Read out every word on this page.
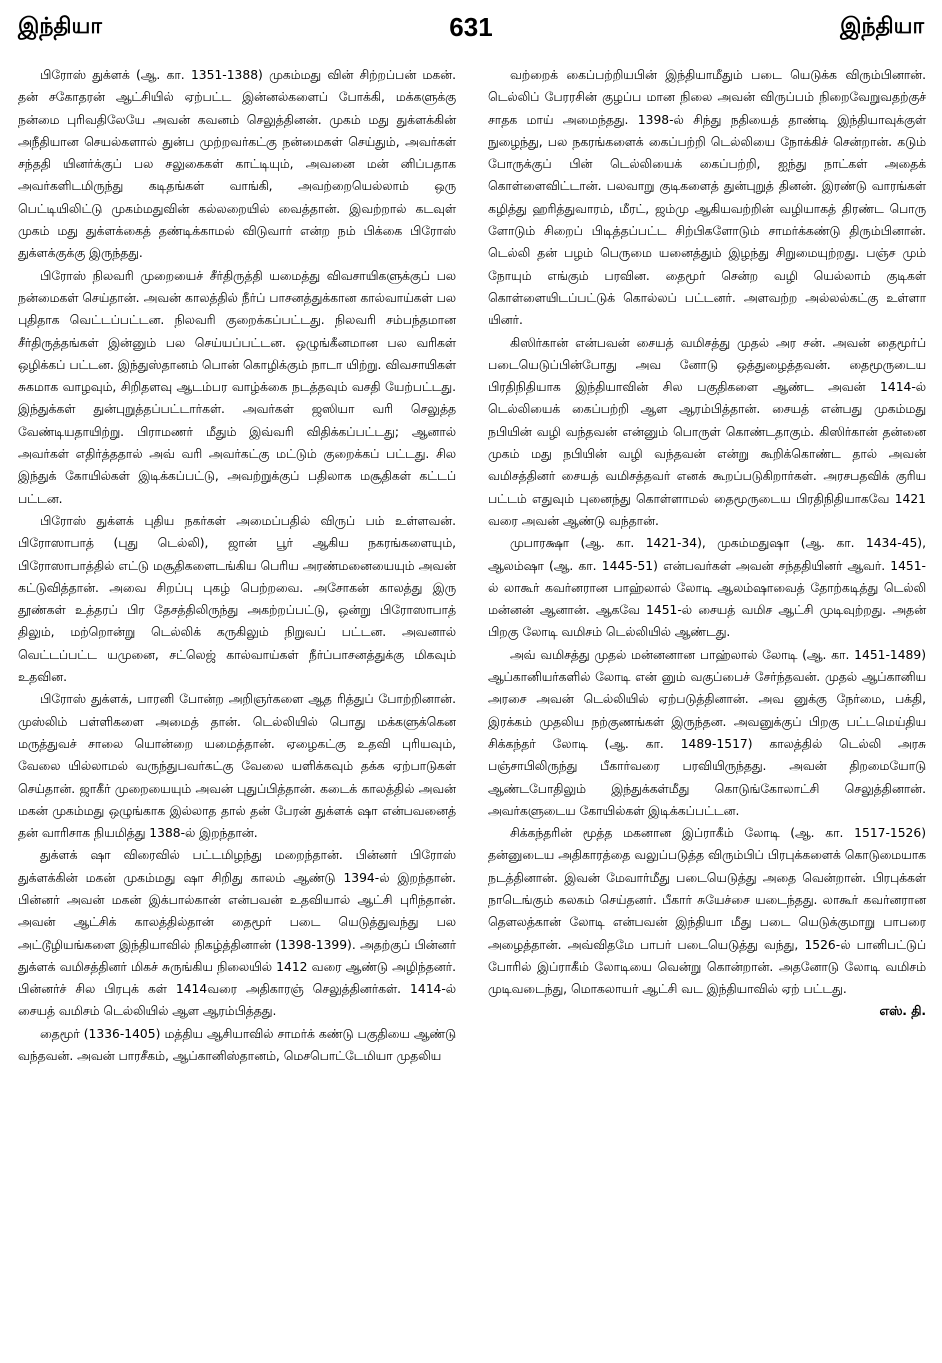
இந்தியா	631	இந்தியா

பிரோஸ் துக்ளக் (ஆ. கா. 1351-1388) முகம்மது வின் சிற்றப்பன் மகன். தன் சகோதரன் ஆட்சியில் ஏற்பட்ட இன்னல்களைப் போக்கி, மக்களுக்கு நன்மை புரிவதிலேயே அவன் கவனம் செலுத்தினன். முகம் மது துக்ளக்கின் அநீதியான செயல்களால் துன்ப முற்றவர்கட்கு நன்மைகள் செய்தும், அவர்கள் சந்ததி யினர்க்குப் பல சலுகைகள் காட்டியும், அவனை மன் னிப்பதாக அவர்களிடமிருந்து கடிதங்கள் வாங்கி, அவற்றையெல்லாம் ஒரு பெட்டியிலிட்டு முகம்மதுவின் கல்லறையில் வைத்தான். இவற்றால் கடவுள் முகம் மது துக்ளக்கைத் தண்டிக்காமல் விடுவார் என்ற நம் பிக்கை பிரோஸ் துக்ளக்குக்கு இருந்தது.

பிரோஸ் நிலவரி முறையைச் சீர்திருத்தி யமைத்து விவசாயிகளுக்குப் பல நன்மைகள் செய்தான். அவன் காலத்தில் நீர்ப் பாசனத்துக்கான கால்வாய்கள் பல புதிதாக வெட்டப்பட்டன. நிலவரி குறைக்கப்பட்டது. நிலவரி சம்பந்தமான சீர்திருத்தங்கள் இன்னும் பல செய்யப்பட்டன. ஒழுங்கீனமான பல வரிகள் ஒழிக்கப் பட்டன. இந்துஸ்தானம் பொன் கொழிக்கும் நாடா யிற்று. விவசாயிகள் சுகமாக வாழவும், சிறிதளவு ஆடம்பர வாழ்க்கை நடத்தவும் வசதி யேற்பட்டது. இந்துக்கள் துன்புறுத்தப்பட்டார்கள். அவர்கள் ஜஸியா வரி செலுத்த வேண்டியதாயிற்று. பிராமணர் மீதும் இவ்வரி விதிக்கப்பட்டது; ஆனால் அவர்கள் எதிர்த்ததால் அவ் வரி அவர்கட்கு மட்டும் குறைக்கப் பட்டது. சில இந்துக் கோயில்கள் இடிக்கப்பட்டு, அவற்றுக்குப் பதிலாக மசூதிகள் கட்டப் பட்டன.

பிரோஸ் துக்ளக் புதிய நகர்கள் அமைப்பதில் விருப் பம் உள்ளவன். பிரோஸாபாத் (புது டெல்லி), ஜான் பூர் ஆகிய நகரங்களையும், பிரோஸாபாத்தில் எட்டு மசூதிகளைடங்கிய பெரிய அரண்மனையையும் அவன் கட்டுவித்தான். அவை சிறப்பு புகழ் பெற்றவை. அசோகன் காலத்து இரு தூண்கள் உத்தரப் பிர தேசத்திலிருந்து அகற்றப்பட்டு, ஒன்று பிரோஸாபாத் திலும், மற்றொன்று டெல்லிக் கருகிலும் நிறுவப் பட்டன. அவனால் வெட்டப்பட்ட யமுனை, சட்லெஜ் கால்வாய்கள் நீர்ப்பாசனத்துக்கு மிகவும் உதவின.

பிரோஸ் துக்ளக், பாரனி போன்ற அறிஞர்களை ஆத ரித்துப் போற்றினான். முஸ்லிம் பள்ளிகளை அமைத் தான். டெல்லியில் பொது மக்களுக்கென மருத்துவச் சாலை யொன்றை யமைத்தான். ஏழைகட்கு உதவி புரியவும், வேலை யில்லாமல் வருந்துபவர்கட்கு வேலை யளிக்கவும் தக்க ஏற்பாடுகள் செய்தான். ஜாகீர் முறையையும் அவன் புதுப்பித்தான். கடைக் காலத்தில் அவன் மகன் முகம்மது ஒழுங்காக இல்லாத தால் தன் பேரன் துக்ளக் ஷா என்பவனைத் தன் வாரிசாக நியமித்து 1388-ல் இறந்தான்.

துக்ளக் ஷா விரைவில் பட்டமிழந்து மறைந்தான். பின்னர் பிரோஸ் துக்ளக்கின் மகன் முகம்மது ஷா சிறிது காலம் ஆண்டு 1394-ல் இறந்தான். பின்னர் அவன் மகன் இக்பால்கான் என்பவன் உதவியால் ஆட்சி புரிந்தான். அவன் ஆட்சிக் காலத்தில்தான் தைமூர் படை யெடுத்துவந்து பல அட்டூழியங்களை இந்தியாவில் நிகழ்த்தினான் (1398-1399). அதற்குப் பின்னர் துக்ளக் வமிசத்தினர் மிகச் சுருங்கிய நிலையில் 1412 வரை ஆண்டு அழிந்தனர். பின்னர்ச் சில பிரபுக் கள் 1414வரை அதிகாரஞ் செலுத்தினர்கள். 1414-ல் சையத் வமிசம் டெல்லியில் ஆள ஆரம்பித்தது.

தைமூர் (1336-1405) மத்திய ஆசியாவில் சாமர்க் கண்டு பகுதியை ஆண்டு வந்தவன். அவன் பாரசீகம், ஆப்கானிஸ்தானம், மெசபொட்டேமியா முதலிய

வற்றைக் கைப்பற்றியபின் இந்தியாமீதும் படை யெடுக்க விரும்பினான். டெல்லிப் பேரரசின் குழப்ப மான நிலை அவன் விருப்பம் நிறைவேறுவதற்குச் சாதக மாய் அமைந்தது. 1398-ல் சிந்து நதியைத் தாண்டி இந்தியாவுக்குள் நுழைந்து, பல நகரங்களைக் கைப்பற்றி டெல்லியை நோக்கிச் சென்றான். கடும் போருக்குப் பின் டெல்லியைக் கைப்பற்றி, ஐந்து நாட்கள் அதைக் கொள்ளைவிட்டான். பலவாறு குடிகளைத் துன்புறுத் தினன். இரண்டு வாரங்கள் கழித்து ஹரித்துவாரம், மீரட், ஜம்மு ஆகியவற்றின் வழியாகத் திரண்ட பொரு ளோடும் சிறைப் பிடித்தப்பட்ட சிற்பிகளோடும் சாமர்க்கண்டு திரும்பினான். டெல்லி தன் பழம் பெருமை யனைத்தும் இழந்து சிறுமையுற்றது. பஞ்ச மும் நோயும் எங்கும் பரவின. தைமூர் சென்ற வழி யெல்லாம் குடிகள் கொள்ளையிடப்பட்டுக் கொல்லப் பட்டனர். அளவற்ற அல்லல்கட்கு உள்ளா யினர்.

கிஸிர்கான் என்பவன் சையத் வமிசத்து முதல் அர சன். அவன் தைமூர்ப் படையெடுப்பின்போது அவ னோடு ஒத்துழைத்தவன். தைமூருடைய பிரதிநிதியாக இந்தியாவின் சில பகுதிகளை ஆண்ட அவன் 1414-ல் டெல்லியைக் கைப்பற்றி ஆள ஆரம்பித்தான். சையத் என்பது முகம்மது நபியின் வழி வந்தவன் என்னும் பொருள் கொண்டதாகும். கிஸிர்கான் தன்னை முகம் மது நபியின் வழி வந்தவன் என்று கூறிக்கொண்ட தால் அவன் வமிசத்தினர் சையத் வமிசத்தவர் எனக் கூறப்படுகிறார்கள். அரசபதவிக் குரிய பட்டம் எதுவும் புனைந்து கொள்ளாமல் தைமூருடைய பிரதிநிதியாகவே 1421 வரை அவன் ஆண்டு வந்தான்.

முபாரக்ஷா (ஆ. கா. 1421-34), முகம்மதுஷா (ஆ. கா. 1434-45), ஆலம்ஷா (ஆ. கா. 1445-51) என்பவர்கள் அவன் சந்ததியினர் ஆவர். 1451-ல் லாகூர் கவர்னரான பாஹ்லால் லோடி ஆலம்ஷாவைத் தோற்கடித்து டெல்லி மன்னன் ஆனான். ஆகவே 1451-ல் சையத் வமிச ஆட்சி முடிவுற்றது. அதன் பிறகு லோடி வமிசம் டெல்லியில் ஆண்டது.

அவ் வமிசத்து முதல் மன்னனான பாஹ்லால் லோடி (ஆ. கா. 1451-1489) ஆப்கானியர்களில் லோடி என் னும் வகுப்பைச் சேர்ந்தவன். முதல் ஆப்கானிய அரசை அவன் டெல்லியில் ஏற்படுத்தினான். அவ னுக்கு நேர்மை, பக்தி, இரக்கம் முதலிய நற்குணங்கள் இருந்தன. அவனுக்குப் பிறகு பட்டமெய்திய சிக்கந்தர் லோடி (ஆ. கா. 1489-1517) காலத்தில் டெல்லி அரசு பஞ்சாபிலிருந்து பீகார்வரை பரவியிருந்தது. அவன் திறமையோடு ஆண்டபோதிலும் இந்துக்கள்மீது கொடுங்கோலாட்சி செலுத்தினான். அவர்களுடைய கோயில்கள் இடிக்கப்பட்டன.

சிக்கந்தரின் மூத்த மகனான இப்ராகீம் லோடி (ஆ. கா. 1517-1526) தன்னுடைய அதிகாரத்தை வலுப்படுத்த விரும்பிப் பிரபுக்களைக் கொடுமையாக நடத்தினான். இவன் மேவார்மீது படையெடுத்து அதை வென்றான். பிரபுக்கள் நாடெங்கும் கலகம் செய்தனர். பீகார் சுயேச்சை யடைந்தது. லாகூர் கவர்னரான தௌலத்கான் லோடி என்பவன் இந்தியா மீது படை யெடுக்குமாறு பாபரை அழைத்தான். அவ்விதமே பாபர் படையெடுத்து வந்து, 1526-ல் பானிபட்டுப் போரில் இப்ராகீம் லோடியை வென்று கொன்றான். அதனோடு லோடி வமிசம் முடிவடைந்து, மொகலாயர் ஆட்சி வட இந்தியாவில் ஏற் பட்டது.

எஸ். தி.
